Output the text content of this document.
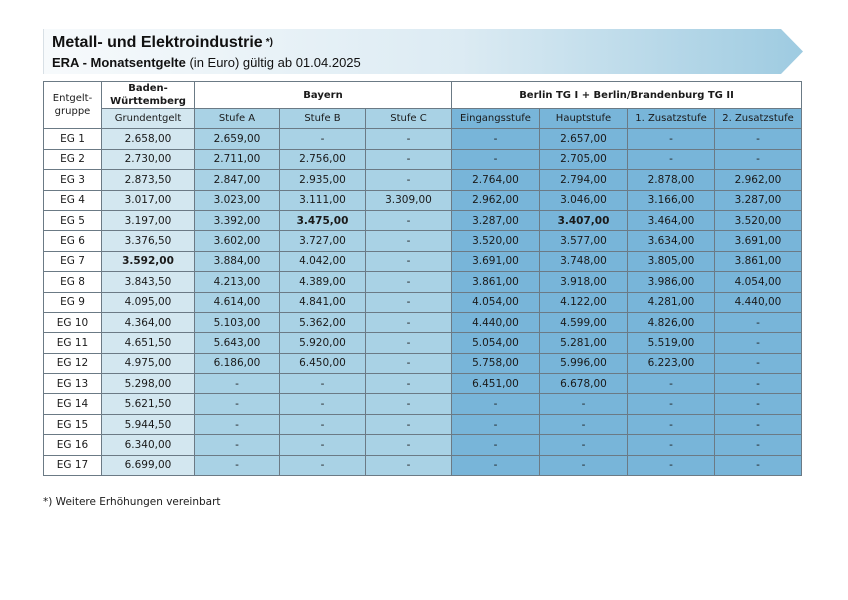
Metall- und Elektroindustrie *)
ERA - Monatsentgelte (in Euro) gültig ab 01.04.2025
Entgelt-
gruppe	Baden-
Württemberg	Bayern			Berlin TG I + Berlin/Brandenburg TG II			
	Grundentgelt	Stufe A	Stufe B	Stufe C	Eingangsstufe	Hauptstufe	1. Zusatzstufe	2. Zusatzstufe
EG 1	2.658,00	2.659,00	-	-	-	2.657,00	-	-
EG 2	2.730,00	2.711,00	2.756,00	-	-	2.705,00	-	-
EG 3	2.873,50	2.847,00	2.935,00	-	2.764,00	2.794,00	2.878,00	2.962,00
EG 4	3.017,00	3.023,00	3.111,00	3.309,00	2.962,00	3.046,00	3.166,00	3.287,00
EG 5	3.197,00	3.392,00	3.475,00	-	3.287,00	3.407,00	3.464,00	3.520,00
EG 6	3.376,50	3.602,00	3.727,00	-	3.520,00	3.577,00	3.634,00	3.691,00
EG 7	3.592,00	3.884,00	4.042,00	-	3.691,00	3.748,00	3.805,00	3.861,00
EG 8	3.843,50	4.213,00	4.389,00	-	3.861,00	3.918,00	3.986,00	4.054,00
EG 9	4.095,00	4.614,00	4.841,00	-	4.054,00	4.122,00	4.281,00	4.440,00
EG 10	4.364,00	5.103,00	5.362,00	-	4.440,00	4.599,00	4.826,00	-
EG 11	4.651,50	5.643,00	5.920,00	-	5.054,00	5.281,00	5.519,00	-
EG 12	4.975,00	6.186,00	6.450,00	-	5.758,00	5.996,00	6.223,00	-
EG 13	5.298,00	-	-	-	6.451,00	6.678,00	-	-
EG 14	5.621,50	-	-	-	-	-	-	-
EG 15	5.944,50	-	-	-	-	-	-	-
EG 16	6.340,00	-	-	-	-	-	-	-
EG 17	6.699,00	-	-	-	-	-	-	-
*) Weitere Erhöhungen vereinbart
